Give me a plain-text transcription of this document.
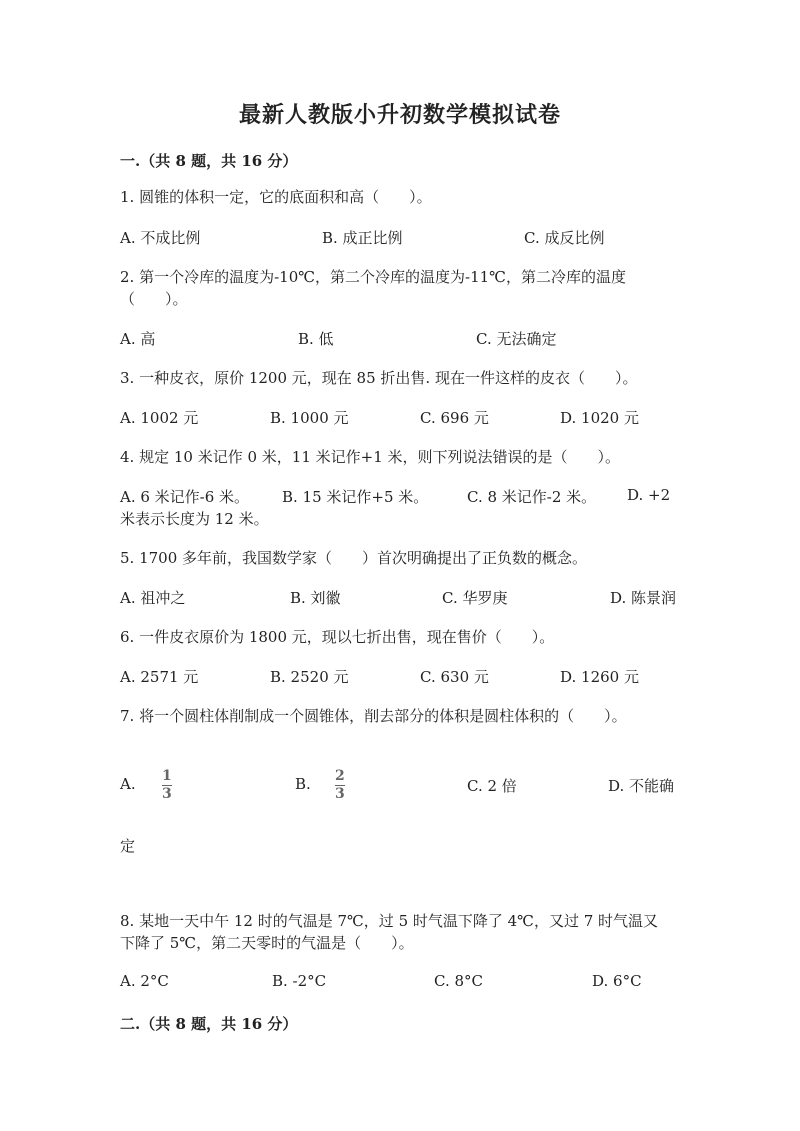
最新人教版小升初数学模拟试卷
一.（共 8 题，共 16 分）
1. 圆锥的体积一定，它的底面积和高（　　）。
A. 不成比例	B. 成正比例	C. 成反比例
2. 第一个冷库的温度为-10℃，第二个冷库的温度为-11℃，第二冷库的温度
（　　）。
A. 高	B. 低	C. 无法确定
3. 一种皮衣，原价 1200 元，现在 85 折出售. 现在一件这样的皮衣（　　）。
A. 1002 元	B. 1000 元	C. 696 元	D. 1020 元
4. 规定 10 米记作 0 米，11 米记作+1 米，则下列说法错误的是（　　）。
A. 6 米记作-6 米。 B. 15 米记作+5 米。	C. 8 米记作-2 米。 D. +2
米表示长度为 12 米。
5. 1700 多年前，我国数学家（　　）首次明确提出了正负数的概念。
A. 祖冲之	B. 刘徽	C. 华罗庚	D. 陈景润
6. 一件皮衣原价为 1800 元，现以七折出售，现在售价（　　）。
A. 2571 元	B. 2520 元	C. 630 元	D. 1260 元
7. 将一个圆柱体削制成一个圆锥体，削去部分的体积是圆柱体积的（　　）。
A. 1
3
B. 2
3	C. 2 倍	D. 不能确
定
8. 某地一天中午 12 时的气温是 7℃，过 5 时气温下降了 4℃，又过 7 时气温又
下降了 5℃，第二天零时的气温是（　　）。
A. 2°C	B. -2°C	C. 8°C	D. 6°C
二.（共 8 题，共 16 分）
